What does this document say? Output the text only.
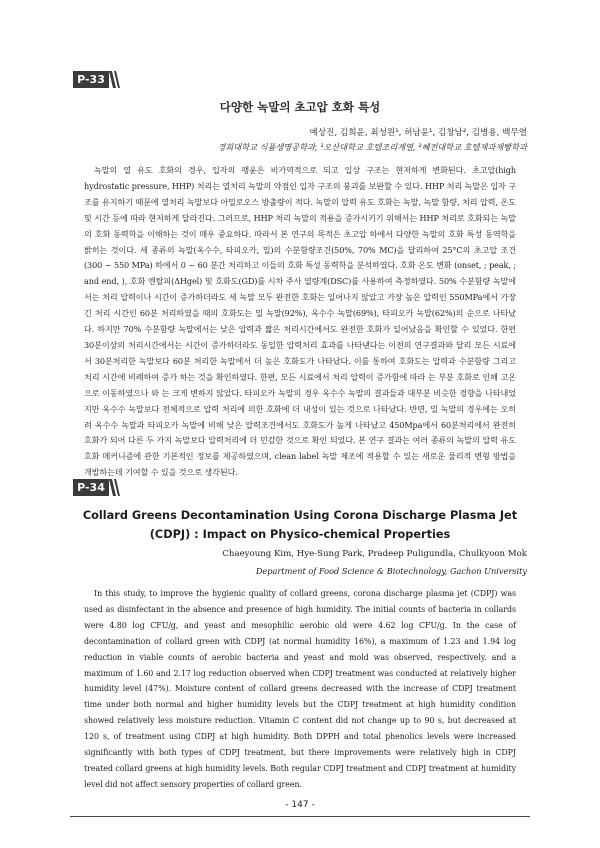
P-33
다양한 녹말의 초고압 호화 특성
예상진, 김희윤, 최성원¹, 허남윤¹, 김창남², 김병용, 백무열
경희대학교 식품생명공학과, ¹오산대학교 호텔조리계열, ²혜전대학교 호텔제과제빵학과
녹말의 열 유도 호화의 경우, 입자의 팽윤은 비가역적으로 되고 입상 구조는 현저하게 변화된다. 초고압(high hydrostatic pressure, HHP) 처리는 열처리 녹말의 약점인 입자 구조의 붕괴를 보완할 수 있다. HHP 처리 녹말은 입자 구조를 유지하기 때문에 열처리 녹말보다 아밀로오스 방출량이 적다. 녹말의 압력 유도 호화는 녹말, 녹말 함량, 처리 압력, 온도 및 시간 등에 따라 현저하게 달라진다. 그러므로, HHP 처리 녹말의 적용을 증가시키기 위해서는 HHP 처리로 호화되는 녹말의 호화 동력학을 이해하는 것이 매우 중요하다. 따라서 본 연구의 목적은 초고압 하에서 다양한 녹말의 호화 특성 동역학을 밝히는 것이다. 세 종류의 녹말(옥수수, 타피오카, 밀)의 수분함량조건(50%, 70% MC)을 달리하여 25°C의 초고압 조건(300 ~ 550 MPa) 하에서 0 ~ 60 분간 처리하고 이들의 호화 특성 동력학을 분석하였다. 호화 온도 변화 (onset, ; peak, ; and end, ), 호화 엔탈피(ΔHgel) 및 호화도(GD)를 시차 주사 열량계(DSC)를 사용하여 측정하였다. 50% 수분함량 녹말에서는 처리 압력이나 시간이 증가하더라도 세 녹말 모두 완전한 호화는 일어나지 않았고 가장 높은 압력인 550MPa에서 가장 긴 처리 시간인 60분 처리하였을 때의 호화도는 밀 녹말(92%), 옥수수 녹말(69%), 타피오카 녹말(62%)의 순으로 나타났다. 하지만 70% 수분함량 녹말에서는 낮은 압력과 짧은 처리시간에서도 완전한 호화가 일어났음을 확인할 수 있었다. 한편 30분이상의 처리시간에서는 시간이 증가하더라도 동일한 압력처리 효과를 나타낸다는 이전의 연구결과와 달리 모든 시료에서 30분처리한 녹말보다 60분 처리한 녹말에서 더 높은 호화도가 나타났다. 이를 통하여 호화도는 압력과 수분함량 그리고 처리 시간에 비례하여 증가 하는 것을 확인하였다. 한편, 모든 시료에서 처리 압력이 증가함에 따라 는 부분 호화로 인해 고온으로 이동하였으나 와 는 크게 변하지 않았다. 타피오카 녹말의 경우 옥수수 녹말의 결과들과 대부분 비슷한 경향을 나타내었지만 옥수수 녹말보다 전체적으로 압력 처리에 의한 호화에 더 내성이 있는 것으로 나타났다. 반면, 밀 녹말의 경우에는 오히려 옥수수 녹말과 타피오카 녹말에 비해 낮은 압력조건에서도 호화도가 높게 나타났고 450Mpa에서 60분처리에서 완전히 호화가 되어 다른 두 가지 녹말보다 압력처리에 더 민감한 것으로 확인 되었다. 본 연구 결과는 여러 종류의 녹말의 압력 유도 호화 메커니즘에 관한 기본적인 정보를 제공하였으며, clean label 녹말 제조에 적용할 수 있는 새로운 물리적 변형 방법을 개발하는데 기여할 수 있을 것으로 생각된다.
P-34
Collard Greens Decontamination Using Corona Discharge Plasma Jet (CDPJ) : Impact on Physico-chemical Properties
Chaeyoung Kim, Hye-Sung Park, Pradeep Puligundla, Chulkyoon Mok
Department of Food Science & Biotechnology, Gachon University
In this study, to improve the hygienic quality of collard greens, corona discharge plasma jet (CDPJ) was used as disinfectant in the absence and presence of high humidity. The initial counts of bacteria in collards were 4.80 log CFU/g, and yeast and mesophilic aerobic old were 4.62 log CFU/g. In the case of decontamination of collard green with CDPJ (at normal humidity 16%), a maximum of 1.23 and 1.94 log reduction in viable counts of aerobic bacteria and yeast and mold was observed, respectively. and a maximum of 1.60 and 2.17 log reduction observed when CDPJ treatment was conducted at relatively higher humidity level (47%). Moisture content of collard greens decreased with the increase of CDPJ treatment time under both normal and higher humidity levels but the CDPJ treatment at high humidity condition showed relatively less moisture reduction. Vitamin C content did not change up to 90 s, but decreased at 120 s, of treatment using CDPJ at high humidity. Both DPPH and total phenolics levels were increased significantly with both types of CDPJ treatment, but there improvements were relatively high in CDPJ treated collard greens at high humidity levels. Both regular CDPJ treatment and CDPJ treatment at humidity level did not affect sensory properties of collard green.
- 147 -
